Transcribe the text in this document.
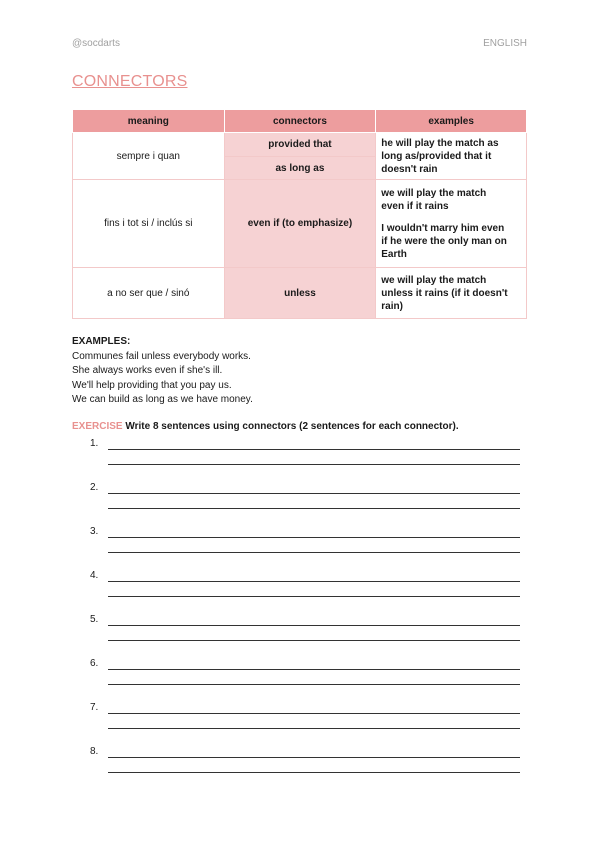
@socdarts	ENGLISH
CONNECTORS
meaning	connectors	examples
sempre i quan	provided that	he will play the match as
long as/provided that it
doesn't rain

	as long as	
fins i tot si / inclús si	even if (to emphasize)	we will play the match
even if it rains
I wouldn't marry him even
if he were the only man on
Earth

a no ser que / sinó	unless	we will play the match
unless it rains (if it doesn't
rain)
EXAMPLES:
Communes fail unless everybody works.
She always works even if she's ill.
We'll help providing that you pay us.
We can build as long as we have money.
EXERCISE Write 8 sentences using connectors (2 sentences for each connector).
1.
2.
3.
4.
5.
6.
7.
8.
